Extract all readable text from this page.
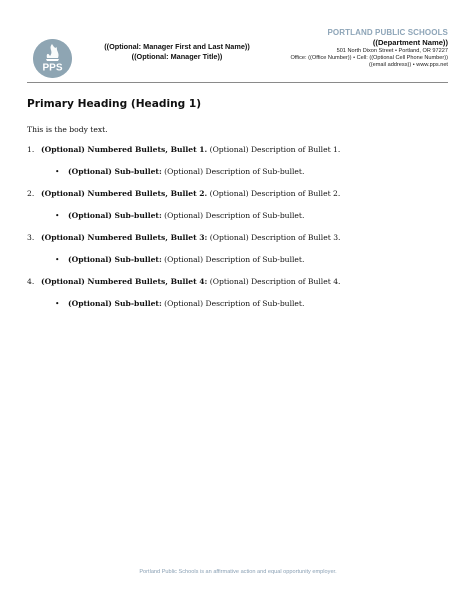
PPS
((Optional: Manager First and Last Name))
((Optional: Manager Title))
PORTLAND PUBLIC SCHOOLS
((Department Name))
501 North Dixon Street • Portland, OR 97227
Office: ((Office Number)) • Cell: ((Optional Cell Phone Number))
((email address)) • www.pps.net
Primary Heading (Heading 1)
This is the body text.
1. (Optional) Numbered Bullets, Bullet 1. (Optional) Description of Bullet 1.
• (Optional) Sub-bullet: (Optional) Description of Sub-bullet.
2. (Optional) Numbered Bullets, Bullet 2. (Optional) Description of Bullet 2.
• (Optional) Sub-bullet: (Optional) Description of Sub-bullet.
3. (Optional) Numbered Bullets, Bullet 3: (Optional) Description of Bullet 3.
• (Optional) Sub-bullet: (Optional) Description of Sub-bullet.
4. (Optional) Numbered Bullets, Bullet 4: (Optional) Description of Bullet 4.
• (Optional) Sub-bullet: (Optional) Description of Sub-bullet.
Portland Public Schools is an affirmative action and equal opportunity employer.
